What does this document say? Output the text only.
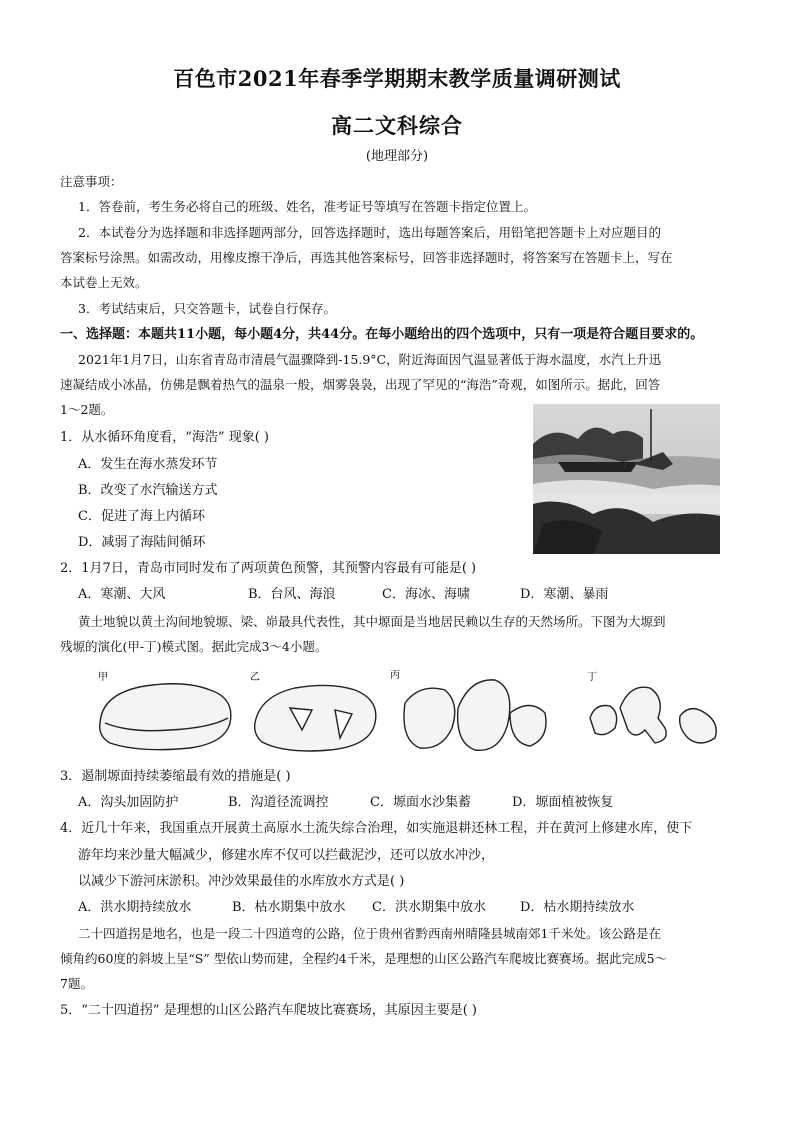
百色市2021年春季学期期末教学质量调研测试
高二文科综合
(地理部分)
注意事项：
1．答卷前，考生务必将自己的班级、姓名，准考证号等填写在答题卡指定位置上。
2．本试卷分为选择题和非选择题两部分，回答选择题时，选出每题答案后，用铅笔把答题卡上对应题目的
答案标号涂黑。如需改动，用橡皮擦干净后，再选其他答案标号，回答非选择题时，将答案写在答题卡上，写在
本试卷上无效。
3．考试结束后，只交答题卡，试卷自行保存。
一、选择题：本题共11小题，每小题4分，共44分。在每小题给出的四个选项中，只有一项是符合题目要求的。
2021年1月7日，山东省青岛市清晨气温骤降到-15.9°C，附近海面因气温显著低于海水温度，水汽上升迅
速凝结成小冰晶，仿佛是飘着热气的温泉一般，烟雾袅袅，出现了罕见的“海浩”奇观，如图所示。据此，回答
1～2题。
1．从水循环角度看，“海浩” 现象( )
A．发生在海水蒸发环节
B．改变了水汽输送方式
C．促进了海上内循环
D．减弱了海陆间循环
2．1月7日，青岛市同时发布了两项黄色预警，其预警内容最有可能是( )
A．寒潮、大风	B．台风、海浪	C．海冰、海啸	D．寒潮、暴雨
黄土地貌以黄土沟间地貌塬、梁、峁最具代表性，其中塬面是当地居民赖以生存的天然场所。下图为大塬到
残塬的演化(甲-丁)模式图。据此完成3～4小题。
甲	乙	丙	丁
3．遏制塬面持续萎缩最有效的措施是( )
A．沟头加固防护	B．沟道径流调控	C．塬面水沙集蓄	D．塬面植被恢复
4．近几十年来，我国重点开展黄土高原水土流失综合治理，如实施退耕还林工程，并在黄河上修建水库，使下
游年均来沙量大幅减少，修建水库不仅可以拦截泥沙，还可以放水冲沙，
以减少下游河床淤积。冲沙效果最佳的水库放水方式是( )
A．洪水期持续放水	B．枯水期集中放水 C．洪水期集中放水	D．枯水期持续放水
二十四道拐是地名，也是一段二十四道弯的公路，位于贵州省黔西南州晴隆县城南郊1千米处。该公路是在
倾角约60度的斜坡上呈“S” 型依山势而建，全程约4千米，是理想的山区公路汽车爬坡比赛赛场。据此完成5～
7题。
5．“二十四道拐” 是理想的山区公路汽车爬坡比赛赛场，其原因主要是( )
